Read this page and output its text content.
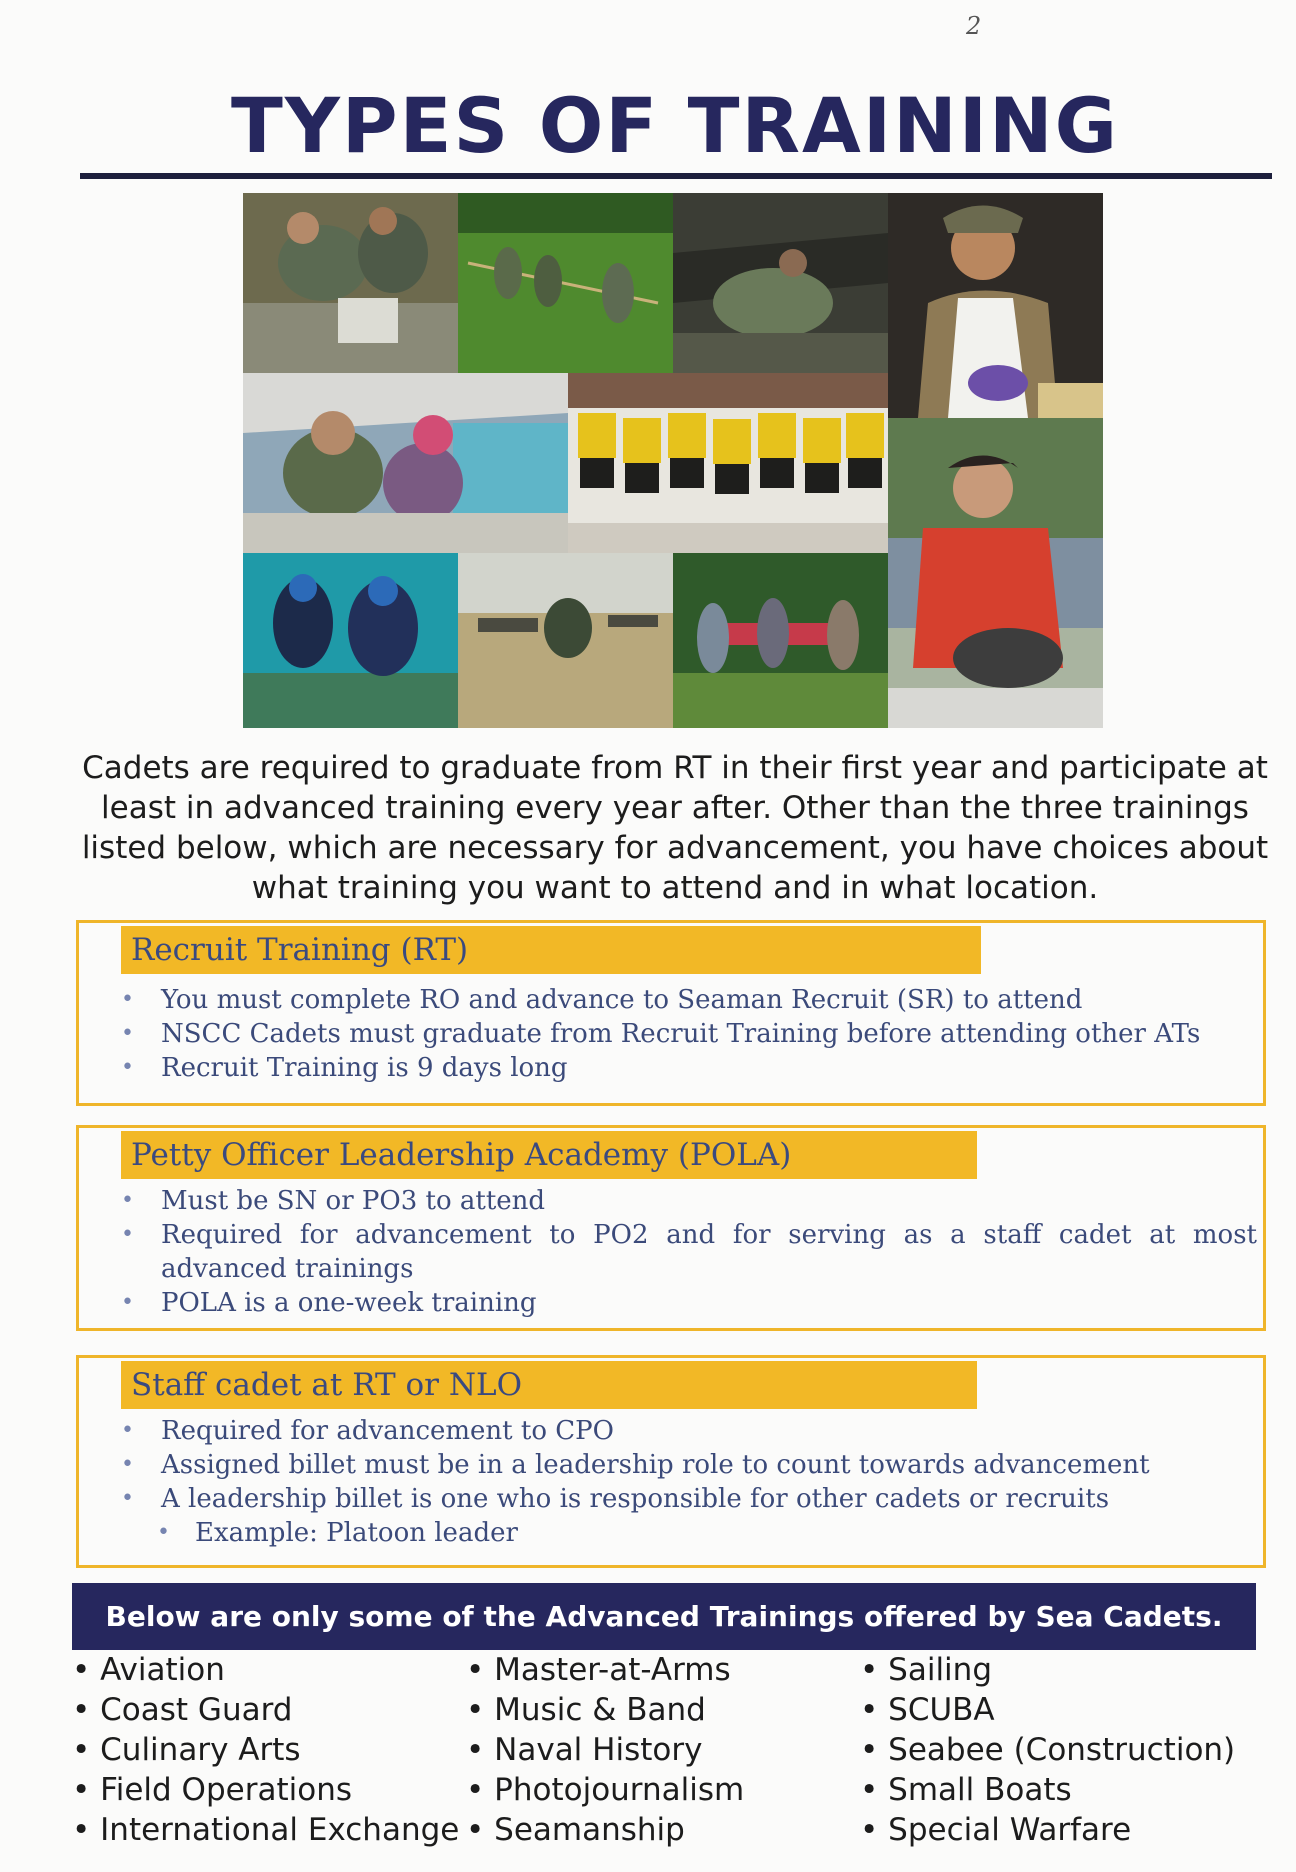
2
TYPES OF TRAINING
Cadets are required to graduate from RT in their first year and participate at least in advanced training every year after. Other than the three trainings listed below, which are necessary for advancement, you have choices about what training you want to attend and in what location.
Recruit Training (RT)
• You must complete RO and advance to Seaman Recruit (SR) to attend
• NSCC Cadets must graduate from Recruit Training before attending other ATs
• Recruit Training is 9 days long
Petty Officer Leadership Academy (POLA)
• Must be SN or PO3 to attend
• Required for advancement to PO2 and for serving as a staff cadet at most advanced trainings
• POLA is a one-week training
Staff cadet at RT or NLO
• Required for advancement to CPO
• Assigned billet must be in a leadership role to count towards advancement
• A leadership billet is one who is responsible for other cadets or recruits
• Example: Platoon leader
Below are only some of the Advanced Trainings offered by Sea Cadets.
• Aviation
• Coast Guard
• Culinary Arts
• Field Operations
• International Exchange
• Master-at-Arms
• Music & Band
• Naval History
• Photojournalism
• Seamanship
• Sailing
• SCUBA
• Seabee (Construction)
• Small Boats
• Special Warfare
